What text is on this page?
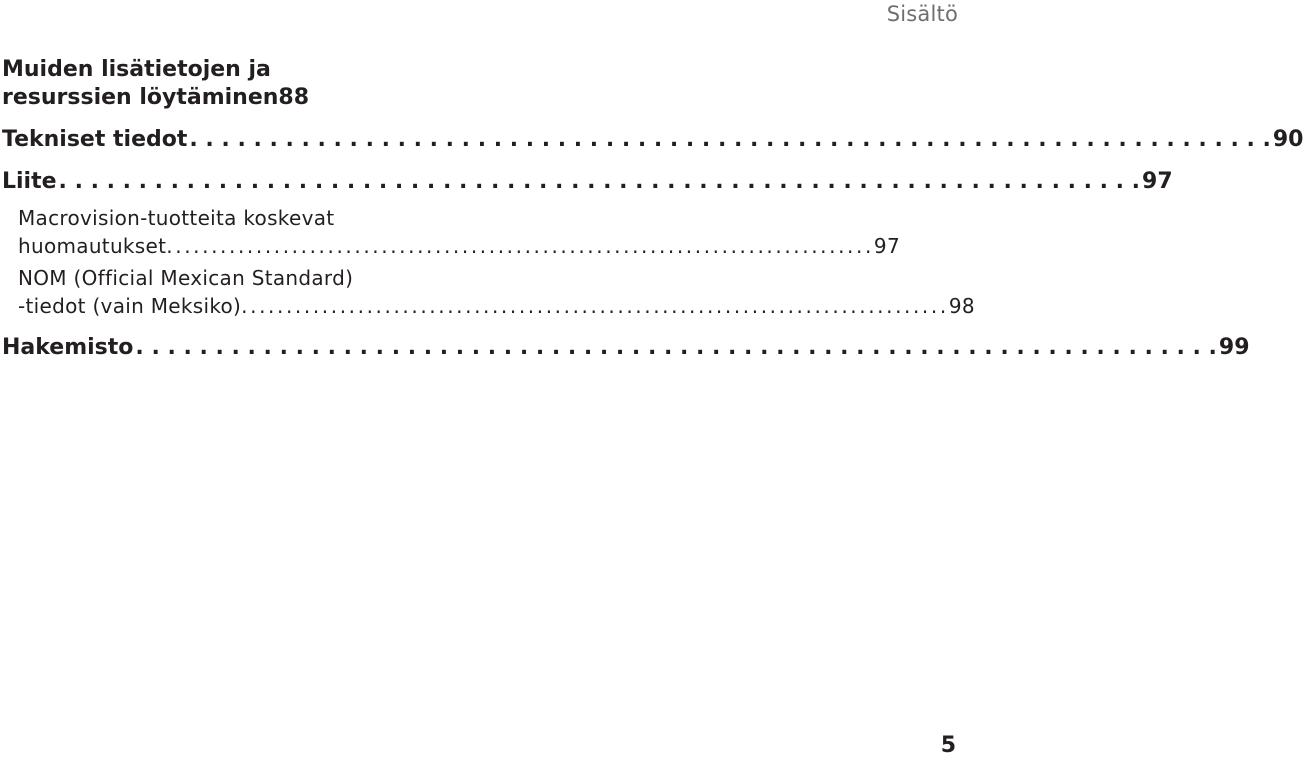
Sisältö
Muiden lisätietojen ja
resurssien löytäminen 88
Tekniset tiedot . . .	90
Liite . . .	97
Macrovision-tuotteita koskevat
huomautukset .....	97
NOM (Official Mexican Standard)
-tiedot (vain Meksiko) .....	98
Hakemisto . . .	99
5
